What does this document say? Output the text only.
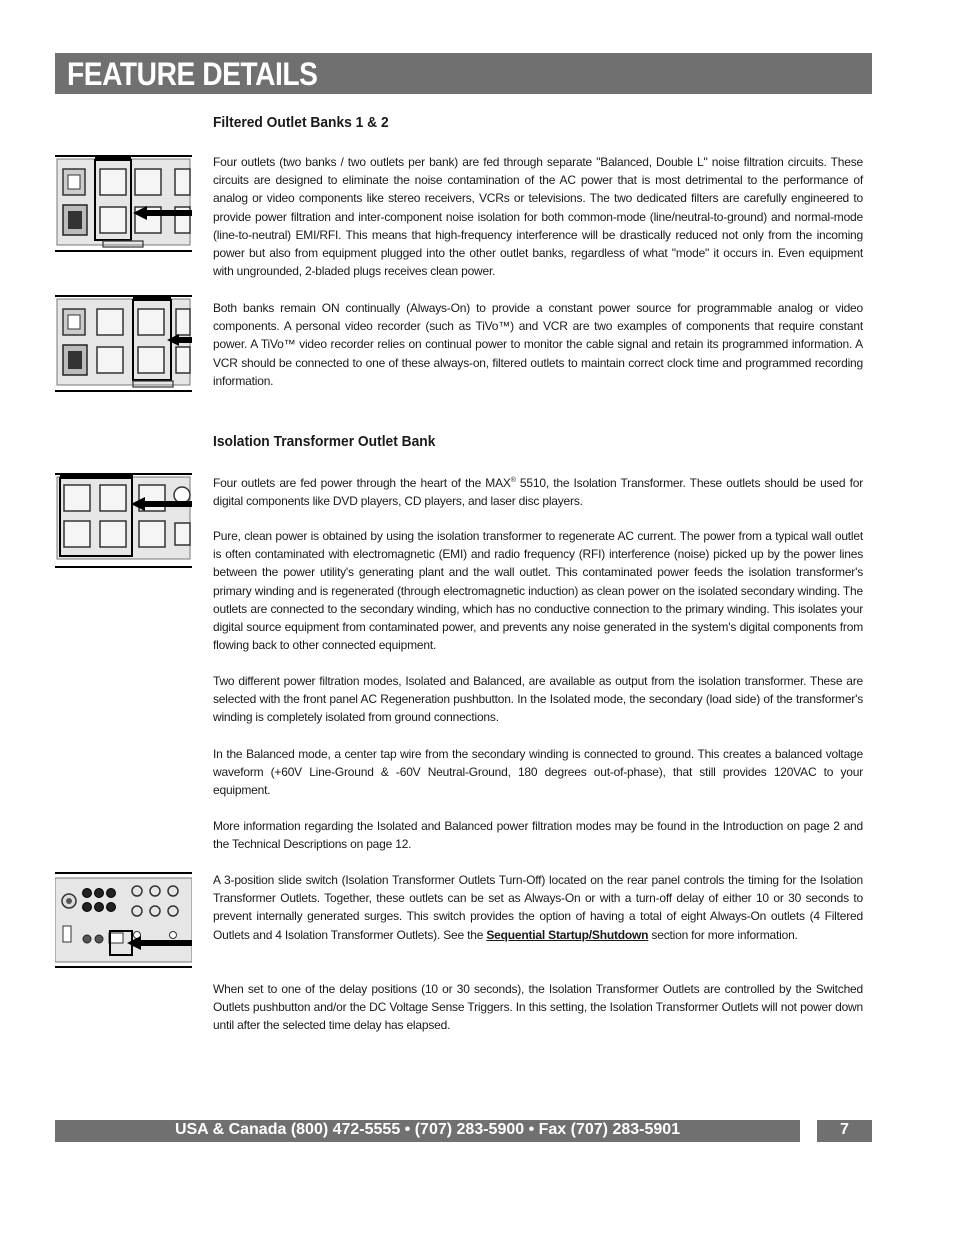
FEATURE DETAILS
Filtered Outlet Banks 1 & 2

Four outlets (two banks / two outlets per bank) are fed through separate "Balanced, Double L" noise filtration circuits. These circuits are designed to eliminate the noise contamination of the AC power that is most detrimental to the performance of analog or video components like stereo receivers, VCRs or televisions. The two dedicated filters are carefully engineered to provide power filtration and inter-component noise isolation for both common-mode (line/neutral-to-ground) and normal-mode (line-to-neutral) EMI/RFI. This means that high-frequency interference will be drastically reduced not only from the incoming power but also from equipment plugged into the other outlet banks, regardless of what "mode" it occurs in. Even equipment with ungrounded, 2-bladed plugs receives clean power.

Both banks remain ON continually (Always-On) to provide a constant power source for programmable analog or video components. A personal video recorder (such as TiVo™) and VCR are two examples of components that require constant power. A TiVo™ video recorder relies on continual power to monitor the cable signal and retain its programmed information. A VCR should be connected to one of these always-on, filtered outlets to maintain correct clock time and programmed recording information.

Isolation Transformer Outlet Bank

Four outlets are fed power through the heart of the MAX® 5510, the Isolation Transformer. These outlets should be used for digital components like DVD players, CD players, and laser disc players.

Pure, clean power is obtained by using the isolation transformer to regenerate AC current. The power from a typical wall outlet is often contaminated with electromagnetic (EMI) and radio frequency (RFI) interference (noise) picked up by the power lines between the power utility's generating plant and the wall outlet. This contaminated power feeds the isolation transformer's primary winding and is regenerated (through electromagnetic induction) as clean power on the isolated secondary winding. The outlets are connected to the secondary winding, which has no conductive connection to the primary winding. This isolates your digital source equipment from contaminated power, and prevents any noise generated in the system's digital components from flowing back to other connected equipment.

Two different power filtration modes, Isolated and Balanced, are available as output from the isolation transformer. These are selected with the front panel AC Regeneration pushbutton. In the Isolated mode, the secondary (load side) of the transformer's winding is completely isolated from ground connections.

In the Balanced mode, a center tap wire from the secondary winding is connected to ground. This creates a balanced voltage waveform (+60V Line-Ground & -60V Neutral-Ground, 180 degrees out-of-phase), that still provides 120VAC to your equipment.

More information regarding the Isolated and Balanced power filtration modes may be found in the Introduction on page 2 and the Technical Descriptions on page 12.

A 3-position slide switch (Isolation Transformer Outlets Turn-Off) located on the rear panel controls the timing for the Isolation Transformer Outlets. Together, these outlets can be set as Always-On or with a turn-off delay of either 10 or 30 seconds to prevent internally generated surges. This switch provides the option of having a total of eight Always-On outlets (4 Filtered Outlets and 4 Isolation Transformer Outlets). See the Sequential Startup/Shutdown section for more information.

When set to one of the delay positions (10 or 30 seconds), the Isolation Transformer Outlets are controlled by the Switched Outlets pushbutton and/or the DC Voltage Sense Triggers. In this setting, the Isolation Transformer Outlets will not power down until after the selected time delay has elapsed.

USA & Canada (800) 472-5555 • (707) 283-5900 • Fax (707) 283-5901	7
